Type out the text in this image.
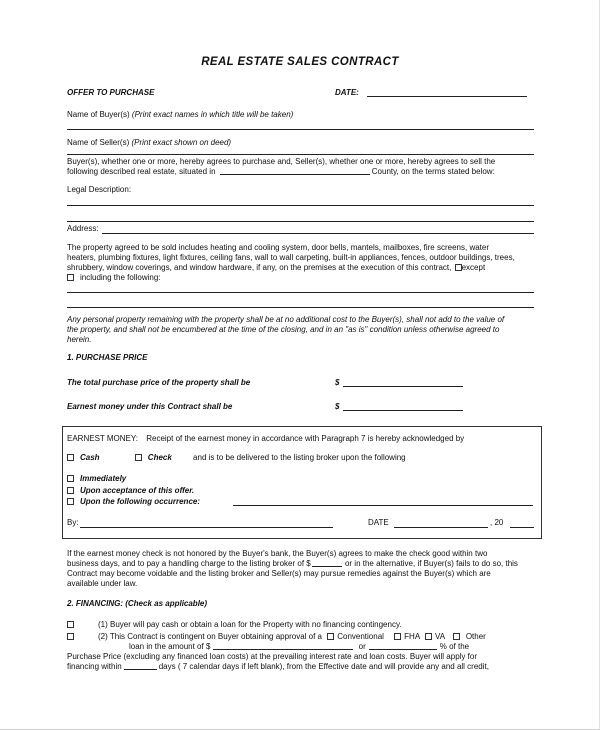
REAL ESTATE SALES CONTRACT
OFFER TO PURCHASE	DATE:
Name of Buyer(s) (Print exact names in which title will be taken)
Name of Seller(s) (Print exact shown on deed)
Buyer(s), whether one or more, hereby agrees to purchase and, Seller(s), whether one or more, hereby agrees to sell the
following described real estate, situated in	County, on the terms stated below:
Legal Description:
Address:
The property agreed to be sold includes heating and cooling system, door bells, mantels, mailboxes, fire screens, water
heaters, plumbing fixtures, light fixtures, ceiling fans, wall to wall carpeting, built-in appliances, fences, outdoor buildings, trees,
shrubbery, window coverings, and window hardware, if any, on the premises at the execution of this contract, except
including the following:
Any personal property remaining with the property shall be at no additional cost to the Buyer(s), shall not add to the value of
the property, and shall not be encumbered at the time of the closing, and in an "as is" condition unless otherwise agreed to
herein.
1. PURCHASE PRICE
The total purchase price of the property shall be	$
Earnest money under this Contract shall be	$
EARNEST MONEY: Receipt of the earnest money in accordance with Paragraph 7 is hereby acknowledged by
Cash	Check	and is to be delivered to the listing broker upon the following
Immediately
Upon acceptance of this offer.
Upon the following occurrence:
By:	DATE	, 20
If the earnest money check is not honored by the Buyer's bank, the Buyer(s) agrees to make the check good within two
business days, and to pay a handling charge to the listing broker of $	or in the alternative, if Buyer(s) fails to do so, this
Contract may become voidable and the listing broker and Seller(s) may pursue remedies against the Buyer(s) which are
available under law.
2. FINANCING: (Check as applicable)
(1) Buyer will pay cash or obtain a loan for the Property with no financing contingency.
(2) This Contract is contingent on Buyer obtaining approval of a Conventional	FHA VA	Other
loan in the amount of $	or	% of the
Purchase Price (excluding any financed loan costs) at the prevailing interest rate and loan costs. Buyer will apply for
financing within	days ( 7 calendar days if left blank), from the Effective date and will provide any and all credit,
